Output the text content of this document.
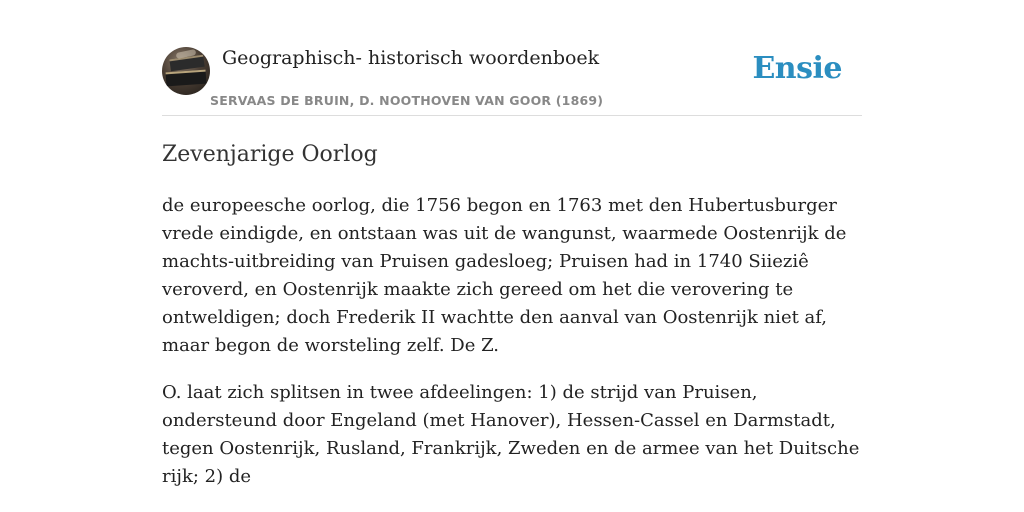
Geographisch- historisch woordenboek
SERVAAS DE BRUIN, D. NOOTHOVEN VAN GOOR (1869)
Ensie
Zevenjarige Oorlog

de europeesche oorlog, die 1756 begon en 1763 met den Hubertusburger vrede eindigde, en ontstaan was uit de wangunst, waarmede Oostenrijk de machts-uitbreiding van Pruisen gadesloeg; Pruisen had in 1740 Siieziê veroverd, en Oostenrijk maakte zich gereed om het die verovering te ontweldigen; doch Frederik II wachtte den aanval van Oostenrijk niet af, maar begon de worsteling zelf. De Z.

O. laat zich splitsen in twee afdeelingen: 1) de strijd van Pruisen, ondersteund door Engeland (met Hanover), Hessen-Cassel en Darmstadt, tegen Oostenrijk, Rusland, Frankrijk, Zweden en de armee van het Duitsche rijk; 2) de
